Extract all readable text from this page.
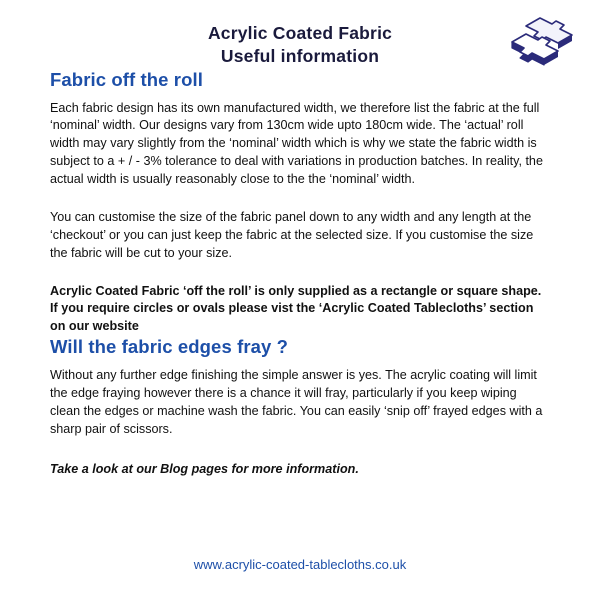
Acrylic Coated Fabric
Useful information
Fabric off the roll

Each fabric design has its own manufactured width, we therefore list the fabric at the full ‘nominal’ width. Our designs vary from 130cm wide upto 180cm wide. The ‘actual’ roll width may vary slightly from the ‘nominal’ width which is why we state the fabric width is subject to a + / - 3% tolerance to deal with variations in production batches. In reality, the actual width is usually reasonably close to the the ‘nominal’ width.

You can customise the size of the fabric panel down to any width and any length at the ‘checkout’ or you can just keep the fabric at the selected size. If you customise the size the fabric will be cut to your size.

Acrylic Coated Fabric ‘off the roll’ is only supplied as a rectangle or square shape. If you require circles or ovals please vist the ‘Acrylic Coated Tablecloths’ section on our website

Will the fabric edges fray ?

Without any further edge finishing the simple answer is yes. The acrylic coating will limit the edge fraying however there is a chance it will fray, particularly if you keep wiping clean the edges or machine wash the fabric. You can easily ‘snip off’ frayed edges with a sharp pair of scissors.

Take a look at our Blog pages for more information.

www.acrylic-coated-tablecloths.co.uk
